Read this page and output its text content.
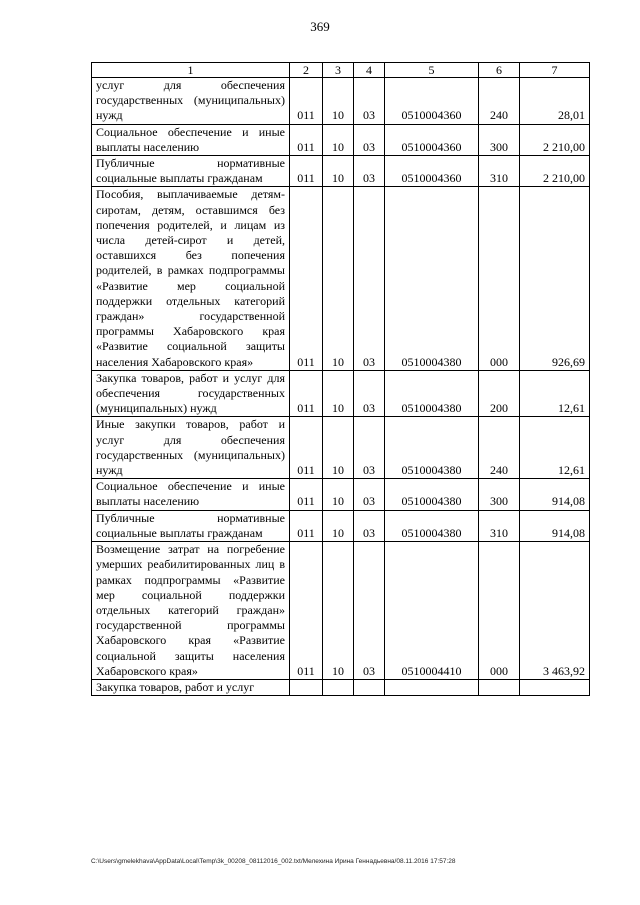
369
1	2	3	4	5	6	7
услуг для обеспечения государственных (муниципальных) нужд	011	10	03	0510004360	240	28,01
Социальное обеспечение и иные выплаты населению	011	10	03	0510004360	300	2 210,00
Публичные нормативные социальные выплаты гражданам	011	10	03	0510004360	310	2 210,00
Пособия, выплачиваемые детям-сиротам, детям, оставшимся без попечения родителей, и лицам из числа детей-сирот и детей, оставшихся без попечения родителей, в рамках подпрограммы «Развитие мер социальной поддержки отдельных категорий граждан» государственной программы Хабаровского края «Развитие социальной защиты населения Хабаровского края»	011	10	03	0510004380	000	926,69
Закупка товаров, работ и услуг для обеспечения государственных (муниципальных) нужд	011	10	03	0510004380	200	12,61
Иные закупки товаров, работ и услуг для обеспечения государственных (муниципальных) нужд	011	10	03	0510004380	240	12,61
Социальное обеспечение и иные выплаты населению	011	10	03	0510004380	300	914,08
Публичные нормативные социальные выплаты гражданам	011	10	03	0510004380	310	914,08
Возмещение затрат на погребение умерших реабилитированных лиц в рамках подпрограммы «Развитие мер социальной поддержки отдельных категорий граждан» государственной программы Хабаровского края «Развитие социальной защиты населения Хабаровского края»	011	10	03	0510004410	000	3 463,92
Закупка товаров, работ и услуг						
C:\Users\gmelekhava\AppData\Local\Temp\3k_00208_08112016_002.txt/Мелехина Ирина Геннадьевна/08.11.2016 17:57:28
